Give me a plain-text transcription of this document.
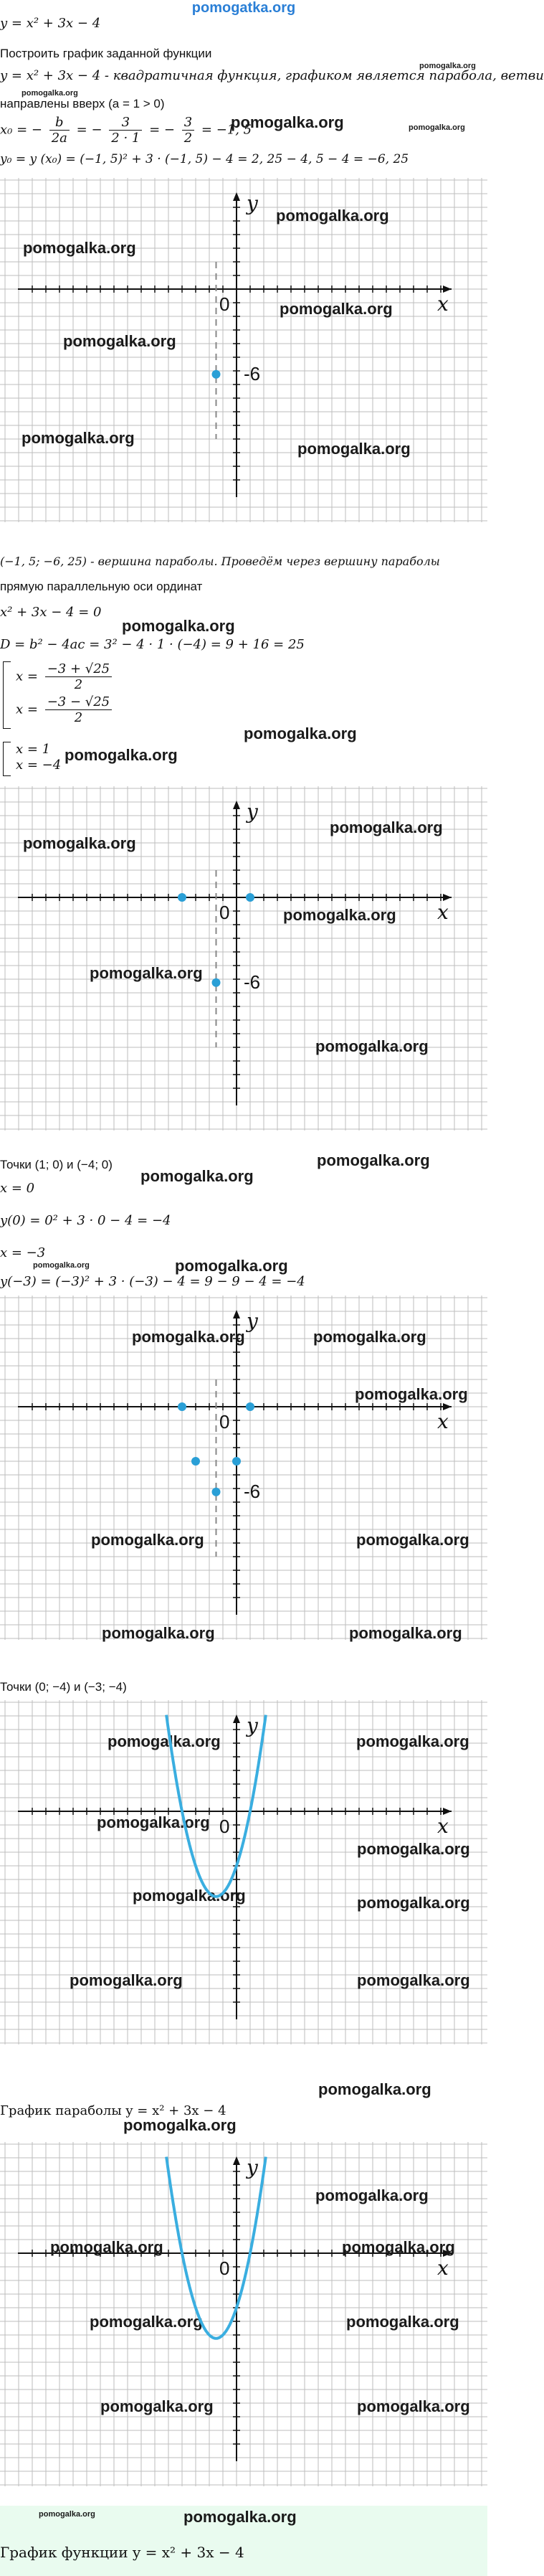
pomogatka.org
y = x² + 3x − 4
Построить график заданной функции
y = x² + 3x − 4 - квадратичная функция, графиком является парабола, ветви
направлены вверх (a = 1 > 0)
x₀ = − $\frac{b}{2a}$ = − $\frac{3}{2 \cdot 1}$ = − $\frac{3}{2} = -1$, 5
y₀ = y (x₀) = (−1, 5)² + 3 · (−1, 5) − 4 = 2, 25 − 4, 5 − 4 = −6, 25
pomogalka.org
pomogalka.org
pomogalka.org
pomogalka.org
x
y
0
pomogalka.org
pomogalka.org
pomogalka.org
pomogalka.org
pomogalka.org
pomogalka.org
-6
(−1, 5; −6, 25) - вершина параболы. Проведём через вершину параболы
прямую параллельную оси ординат
x² + 3x − 4 = 0
D = b² − 4ac = 3² − 4 · 1 · (−4) = 9 + 16 = 25
$x = \frac{-3 + √25}{2}$
$x = \frac{-3 - √25}{2}$
x = 1
x = −4
pomogalka.org
pomogalka.org
pomogalka.org
x
y
0
pomogalka.org
pomogalka.org
pomogalka.org
pomogalka.org
pomogalka.org
-6
pomogalka.org
Точки (1; 0) и (−4; 0)
pomogalka.org
x = 0
y(0) = 0² + 3 · 0 − 4 = −4
x = −3
pomogalka.org	pomogalka.org
y(−3) = (−3)² + 3 · (−3) − 4 = 9 − 9 − 4 = −4
x
y
0
pomogalka.org	pomogalka.org
pomogalka.org
pomogalka.org	pomogalka.org
pomogalka.org	pomogalka.org
-6
Точки (0; −4) и (−3; −4)
x
y
0
pomogalka.org	pomogalka.org
pomogalka.org
pomogalka.org
pomogalka.org	pomogalka.org
pomogalka.org	pomogalka.org
pomogalka.org
График параболы y = x² + 3x − 4
pomogalka.org
x
y
0
pomogalka.org
pomogalka.org	pomogalka.org
pomogalka.org	pomogalka.org
pomogalka.org	pomogalka.org
pomogalka.org	pomogalka.org
График функции y = x² + 3x − 4
